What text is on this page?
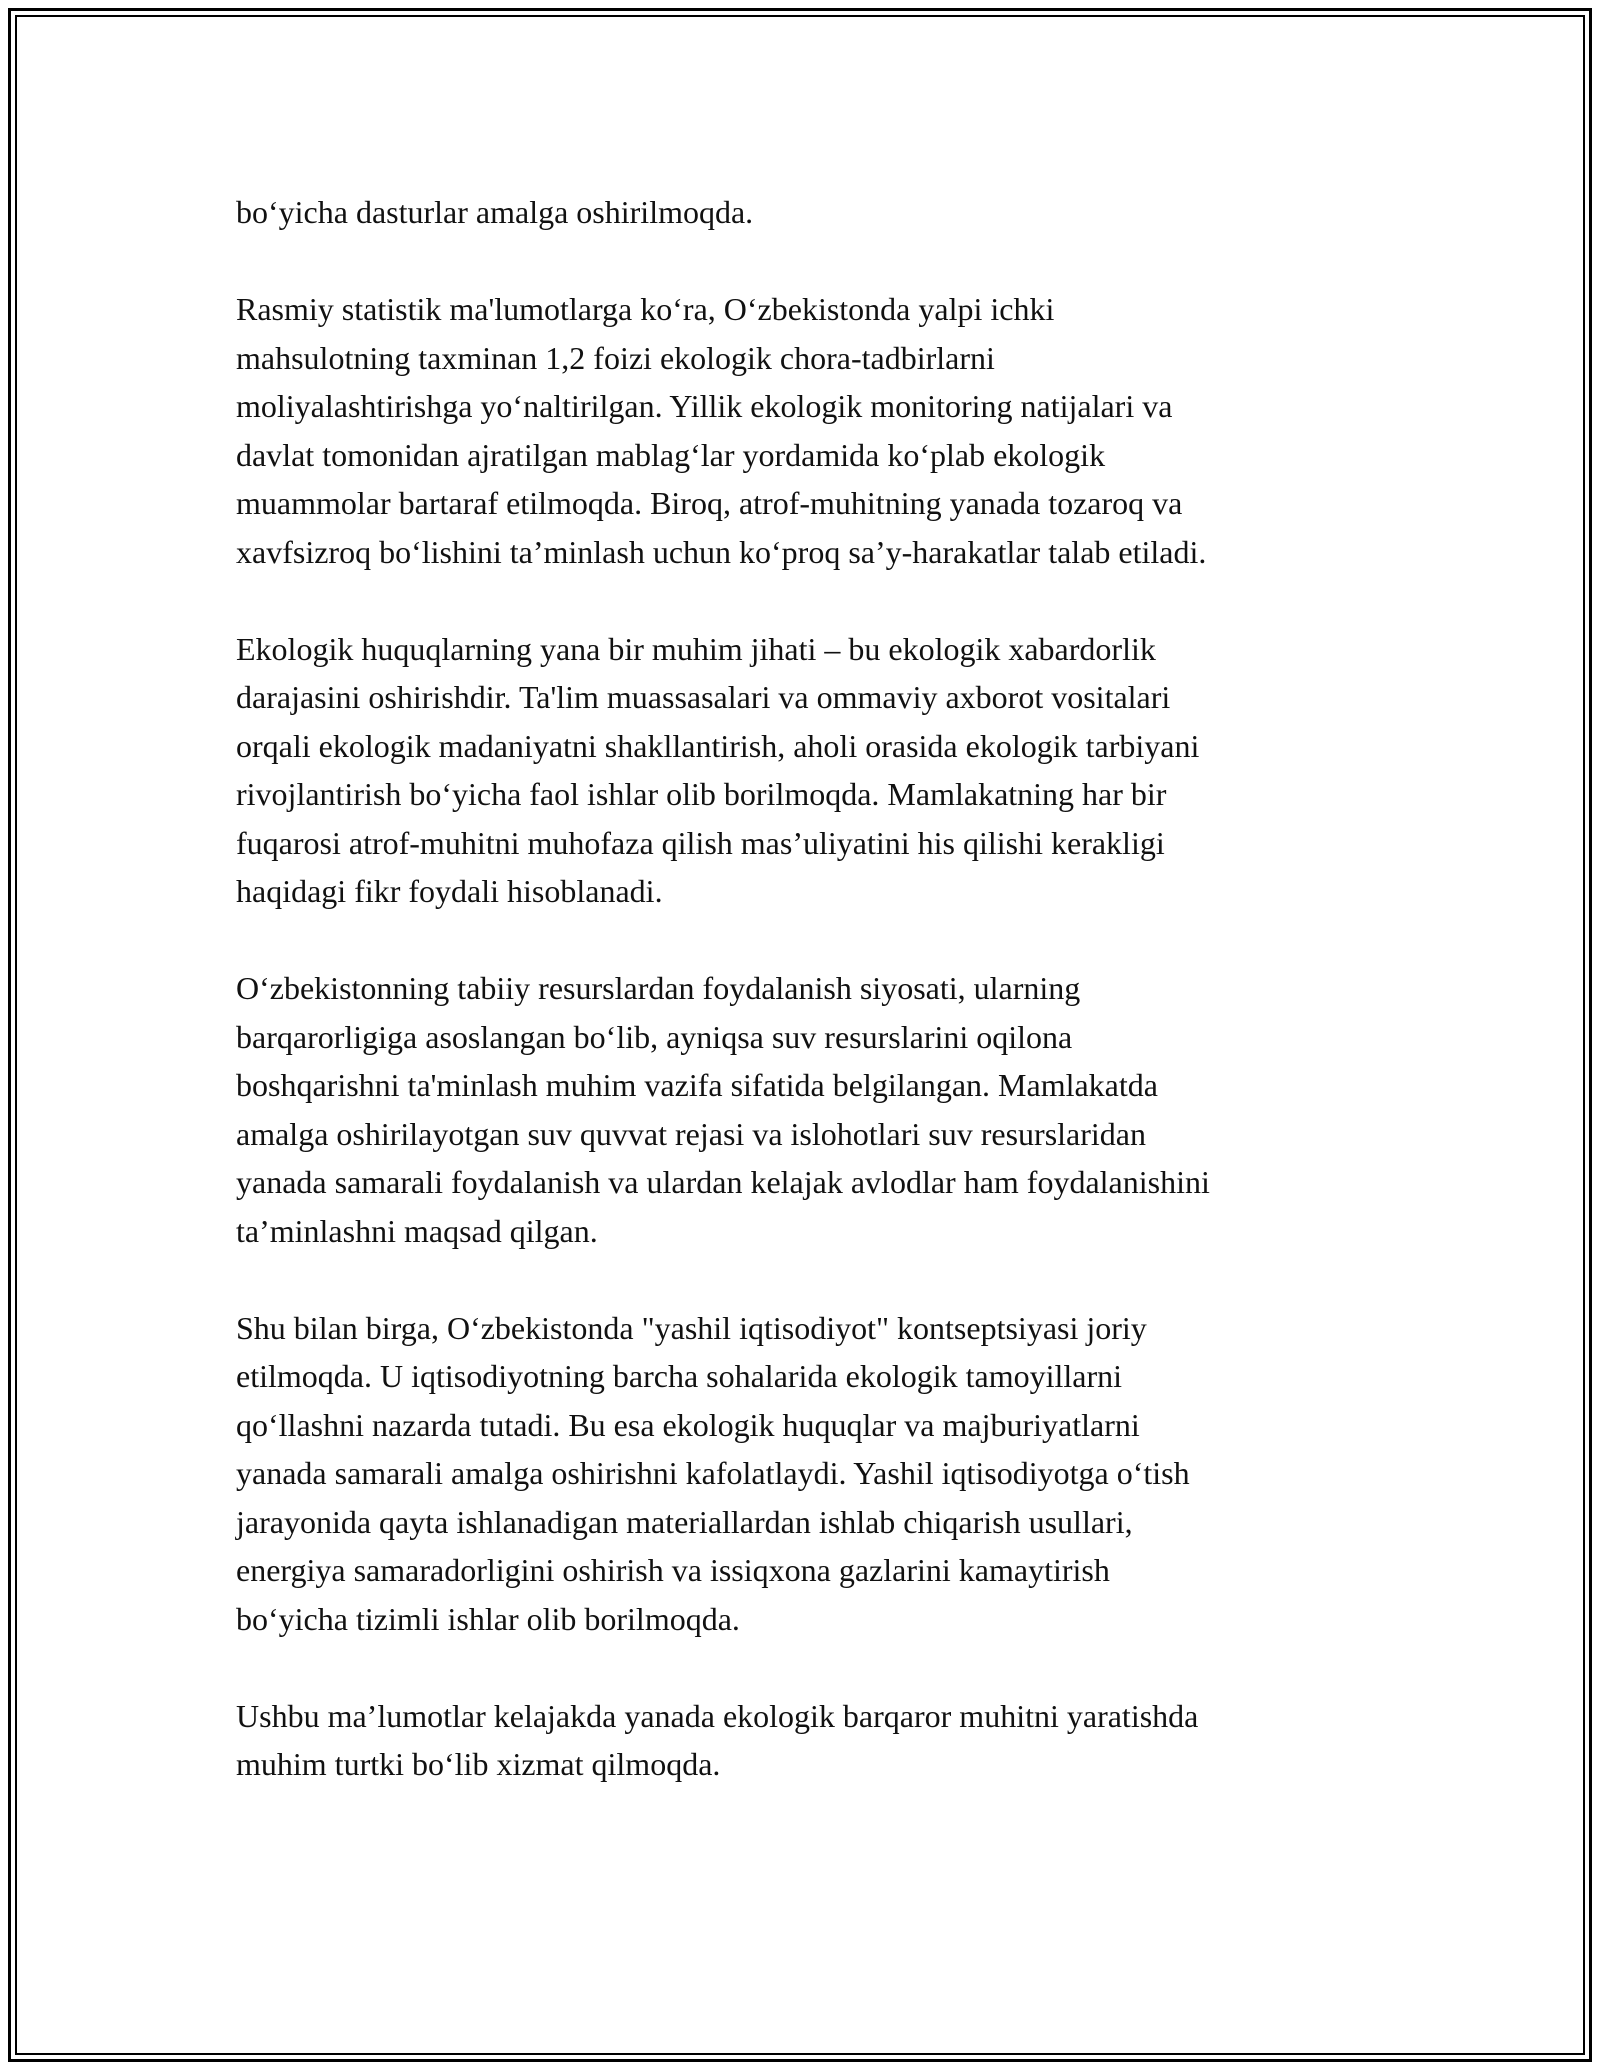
bo‘yicha dasturlar amalga oshirilmoqda.

Rasmiy statistik ma'lumotlarga ko‘ra, O‘zbekistonda yalpi ichki
mahsulotning taxminan 1,2 foizi ekologik chora-tadbirlarni
moliyalashtirishga yo‘naltirilgan. Yillik ekologik monitoring natijalari va
davlat tomonidan ajratilgan mablag‘lar yordamida ko‘plab ekologik
muammolar bartaraf etilmoqda. Biroq, atrof-muhitning yanada tozaroq va
xavfsizroq bo‘lishini ta’minlash uchun ko‘proq sa’y-harakatlar talab etiladi.

Ekologik huquqlarning yana bir muhim jihati – bu ekologik xabardorlik
darajasini oshirishdir. Ta'lim muassasalari va ommaviy axborot vositalari
orqali ekologik madaniyatni shakllantirish, aholi orasida ekologik tarbiyani
rivojlantirish bo‘yicha faol ishlar olib borilmoqda. Mamlakatning har bir
fuqarosi atrof-muhitni muhofaza qilish mas’uliyatini his qilishi kerakligi
haqidagi fikr foydali hisoblanadi.

O‘zbekistonning tabiiy resurslardan foydalanish siyosati, ularning
barqarorligiga asoslangan bo‘lib, ayniqsa suv resurslarini oqilona
boshqarishni ta'minlash muhim vazifa sifatida belgilangan. Mamlakatda
amalga oshirilayotgan suv quvvat rejasi va islohotlari suv resurslaridan
yanada samarali foydalanish va ulardan kelajak avlodlar ham foydalanishini
ta’minlashni maqsad qilgan.

Shu bilan birga, O‘zbekistonda "yashil iqtisodiyot" kontseptsiyasi joriy
etilmoqda. U iqtisodiyotning barcha sohalarida ekologik tamoyillarni
qo‘llashni nazarda tutadi. Bu esa ekologik huquqlar va majburiyatlarni
yanada samarali amalga oshirishni kafolatlaydi. Yashil iqtisodiyotga o‘tish
jarayonida qayta ishlanadigan materiallardan ishlab chiqarish usullari,
energiya samaradorligini oshirish va issiqxona gazlarini kamaytirish
bo‘yicha tizimli ishlar olib borilmoqda.

Ushbu ma’lumotlar kelajakda yanada ekologik barqaror muhitni yaratishda
muhim turtki bo‘lib xizmat qilmoqda.
